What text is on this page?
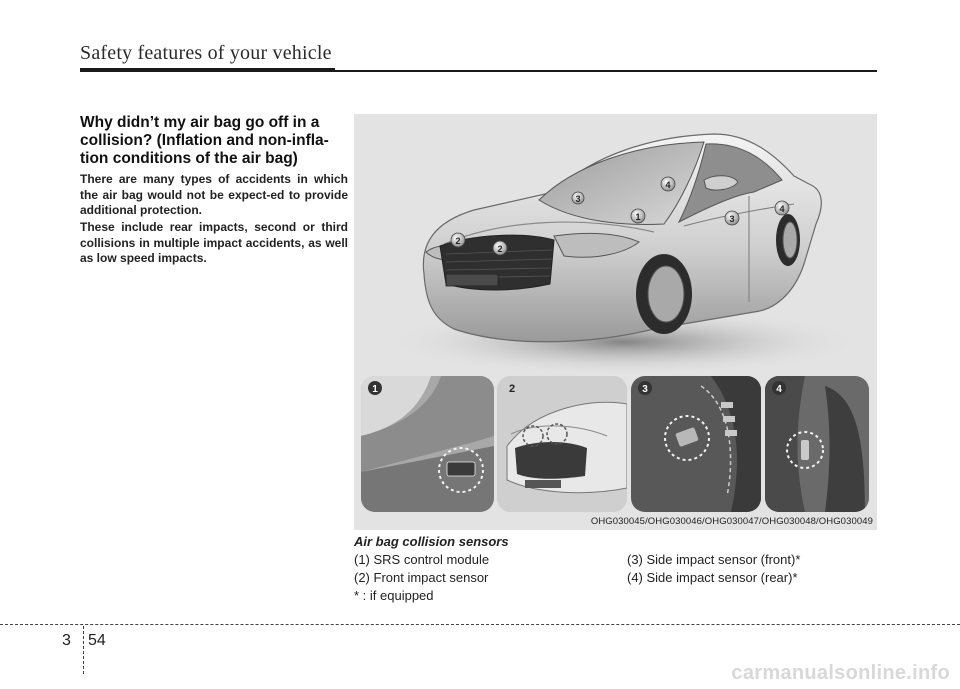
Safety features of your vehicle
Why didn’t my air bag go off in a collision? (Inflation and non-infla-tion conditions of the air bag)
There are many types of accidents in which the air bag would not be expect-ed to provide additional protection.
These include rear impacts, second or third collisions in multiple impact accidents, as well as low speed impacts.
1
2
2
3
3
4
4
1	2	3	4
OHG030045/OHG030046/OHG030047/OHG030048/OHG030049
Air bag collision sensors
(1) SRS control module
(2) Front impact sensor
* : if equipped
(3) Side impact sensor (front)*
(4) Side impact sensor (rear)*
3 54
carmanualsonline.info
